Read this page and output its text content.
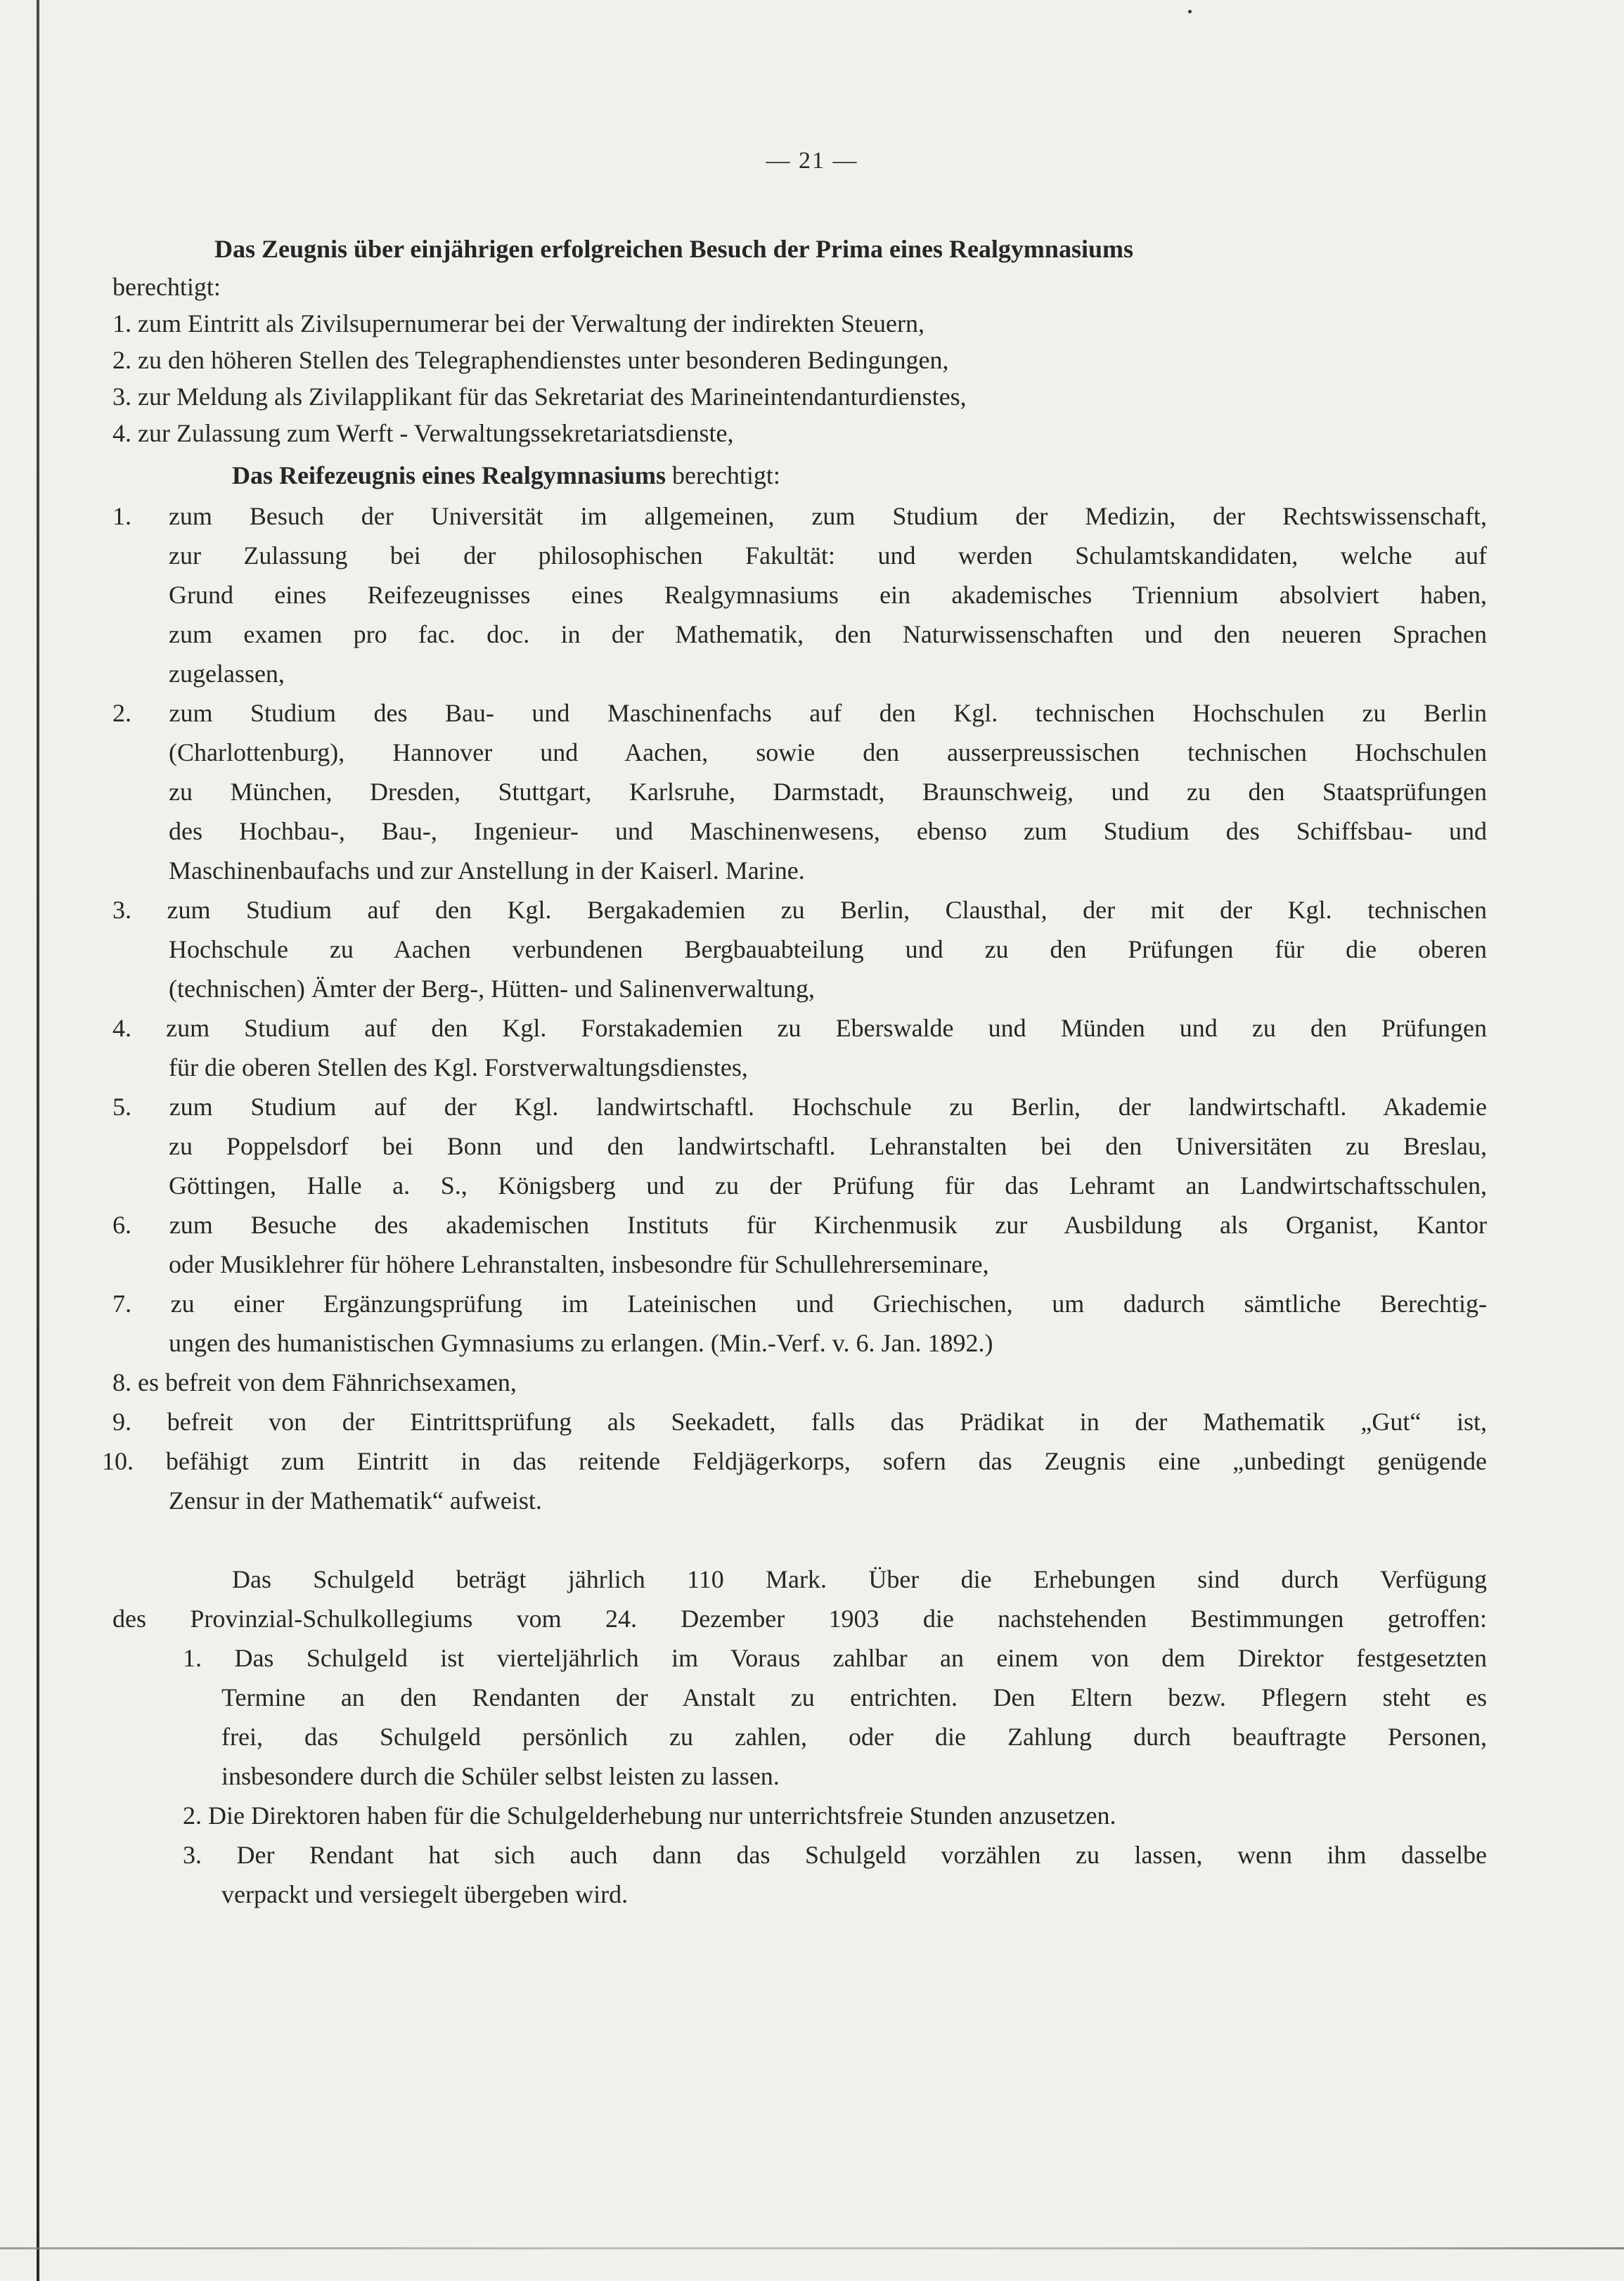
— 21 —
Das Zeugnis über einjährigen erfolgreichen Besuch der Prima eines Realgymnasiums
berechtigt:
1. zum Eintritt als Zivilsupernumerar bei der Verwaltung der indirekten Steuern,
2. zu den höheren Stellen des Telegraphendienstes unter besonderen Bedingungen,
3. zur Meldung als Zivilapplikant für das Sekretariat des Marineintendanturdienstes,
4. zur Zulassung zum Werft - Verwaltungssekretariatsdienste,
Das Reifezeugnis eines Realgymnasiums berechtigt:
1. zum Besuch der Universität im allgemeinen, zum Studium der Medizin, der Rechtswissenschaft,
zur Zulassung bei der philosophischen Fakultät: und werden Schulamtskandidaten, welche auf
Grund eines Reifezeugnisses eines Realgymnasiums ein akademisches Triennium absolviert haben,
zum examen pro fac. doc. in der Mathematik, den Naturwissenschaften und den neueren Sprachen
zugelassen,
2. zum Studium des Bau- und Maschinenfachs auf den Kgl. technischen Hochschulen zu Berlin
(Charlottenburg), Hannover und Aachen, sowie den ausserpreussischen technischen Hochschulen
zu München, Dresden, Stuttgart, Karlsruhe, Darmstadt, Braunschweig, und zu den Staatsprüfungen
des Hochbau-, Bau-, Ingenieur- und Maschinenwesens, ebenso zum Studium des Schiffsbau- und
Maschinenbaufachs und zur Anstellung in der Kaiserl. Marine.
3. zum Studium auf den Kgl. Bergakademien zu Berlin, Clausthal, der mit der Kgl. technischen
Hochschule zu Aachen verbundenen Bergbauabteilung und zu den Prüfungen für die oberen
(technischen) Ämter der Berg-, Hütten- und Salinenverwaltung,
4. zum Studium auf den Kgl. Forstakademien zu Eberswalde und Münden und zu den Prüfungen
für die oberen Stellen des Kgl. Forstverwaltungsdienstes,
5. zum Studium auf der Kgl. landwirtschaftl. Hochschule zu Berlin, der landwirtschaftl. Akademie
zu Poppelsdorf bei Bonn und den landwirtschaftl. Lehranstalten bei den Universitäten zu Breslau,
Göttingen, Halle a. S., Königsberg und zu der Prüfung für das Lehramt an Landwirtschaftsschulen,
6. zum Besuche des akademischen Instituts für Kirchenmusik zur Ausbildung als Organist, Kantor
oder Musiklehrer für höhere Lehranstalten, insbesondre für Schullehrerseminare,
7. zu einer Ergänzungsprüfung im Lateinischen und Griechischen, um dadurch sämtliche Berechtig-
ungen des humanistischen Gymnasiums zu erlangen. (Min.-Verf. v. 6. Jan. 1892.)
8. es befreit von dem Fähnrichsexamen,
9. befreit von der Eintrittsprüfung als Seekadett, falls das Prädikat in der Mathematik „Gut“ ist,
10. befähigt zum Eintritt in das reitende Feldjägerkorps, sofern das Zeugnis eine „unbedingt genügende
Zensur in der Mathematik“ aufweist.
Das Schulgeld beträgt jährlich 110 Mark. Über die Erhebungen sind durch Verfügung
des Provinzial-Schulkollegiums vom 24. Dezember 1903 die nachstehenden Bestimmungen getroffen:
1. Das Schulgeld ist vierteljährlich im Voraus zahlbar an einem von dem Direktor festgesetzten
Termine an den Rendanten der Anstalt zu entrichten. Den Eltern bezw. Pflegern steht es
frei, das Schulgeld persönlich zu zahlen, oder die Zahlung durch beauftragte Personen,
insbesondere durch die Schüler selbst leisten zu lassen.
2. Die Direktoren haben für die Schulgelderhebung nur unterrichtsfreie Stunden anzusetzen.
3. Der Rendant hat sich auch dann das Schulgeld vorzählen zu lassen, wenn ihm dasselbe
verpackt und versiegelt übergeben wird.
